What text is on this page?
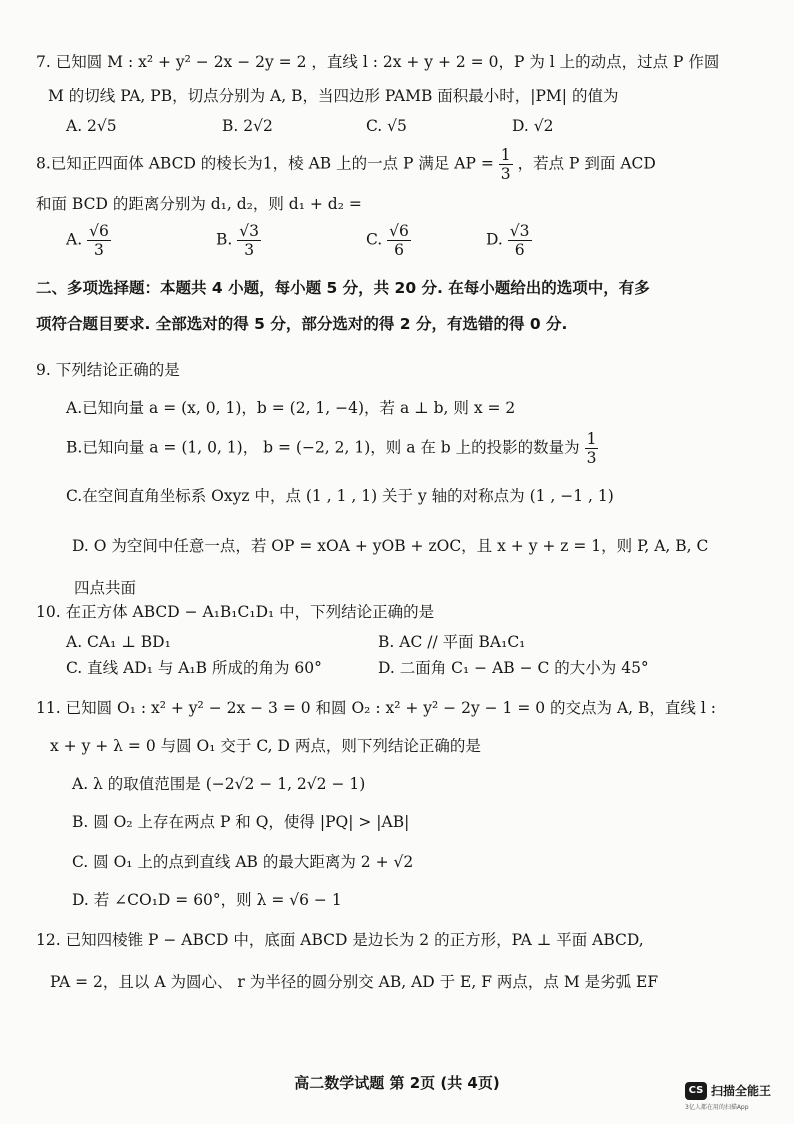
7. 已知圆 M : x² + y² − 2x − 2y = 2 ，直线 l : 2x + y + 2 = 0，P 为 l 上的动点，过点 P 作圆
M 的切线 PA, PB，切点分别为 A, B，当四边形 PAMB 面积最小时，|PM| 的值为
A. 2√5	B. 2√2	C. √5	D. √2
8.已知正四面体 ABCD 的棱长为1，棱 AB 上的一点 P 满足 AP = $\frac{1}{3}$ ，若点 P 到面 ACD
和面 BCD 的距离分别为 d₁, d₂，则 d₁ + d₂ =
A. $\frac{√6}{3}$	B. $\frac{√3}{3}$	C. $\frac{√6}{6}$	D. $\frac{√3}{6}$
二、多项选择题：本题共 4 小题，每小题 5 分，共 20 分. 在每小题给出的选项中，有多
项符合题目要求. 全部选对的得 5 分，部分选对的得 2 分，有选错的得 0 分.
9. 下列结论正确的是
A.已知向量 a = (x, 0, 1)，b = (2, 1, −4)，若 a ⊥ b, 则 x = 2
B.已知向量 a = (1, 0, 1)， b = (−2, 2, 1)，则 a 在 b 上的投影的数量为 $\frac{1}{3}$
C.在空间直角坐标系 Oxyz 中，点 (1 , 1 , 1) 关于 y 轴的对称点为 (1 , −1 , 1)
D. O 为空间中任意一点，若 OP = xOA + yOB + zOC，且 x + y + z = 1，则 P, A, B, C
四点共面
10. 在正方体 ABCD − A₁B₁C₁D₁ 中，下列结论正确的是
A. CA₁ ⊥ BD₁	B. AC // 平面 BA₁C₁
C. 直线 AD₁ 与 A₁B 所成的角为 60°	D. 二面角 C₁ − AB − C 的大小为 45°
11. 已知圆 O₁ : x² + y² − 2x − 3 = 0 和圆 O₂ : x² + y² − 2y − 1 = 0 的交点为 A, B，直线 l :
x + y + λ = 0 与圆 O₁ 交于 C, D 两点，则下列结论正确的是
A. λ 的取值范围是 (−2√2 − 1, 2√2 − 1)
B. 圆 O₂ 上存在两点 P 和 Q，使得 |PQ| > |AB|
C. 圆 O₁ 上的点到直线 AB 的最大距离为 2 + √2
D. 若 ∠CO₁D = 60°，则 λ = √6 − 1
12. 已知四棱锥 P − ABCD 中，底面 ABCD 是边长为 2 的正方形，PA ⊥ 平面 ABCD,
PA = 2，且以 A 为圆心、 r 为半径的圆分别交 AB, AD 于 E, F 两点，点 M 是劣弧 EF
高二数学试题 第 2页 (共 4页)	CS 扫描全能王
3亿人都在用的扫描App
